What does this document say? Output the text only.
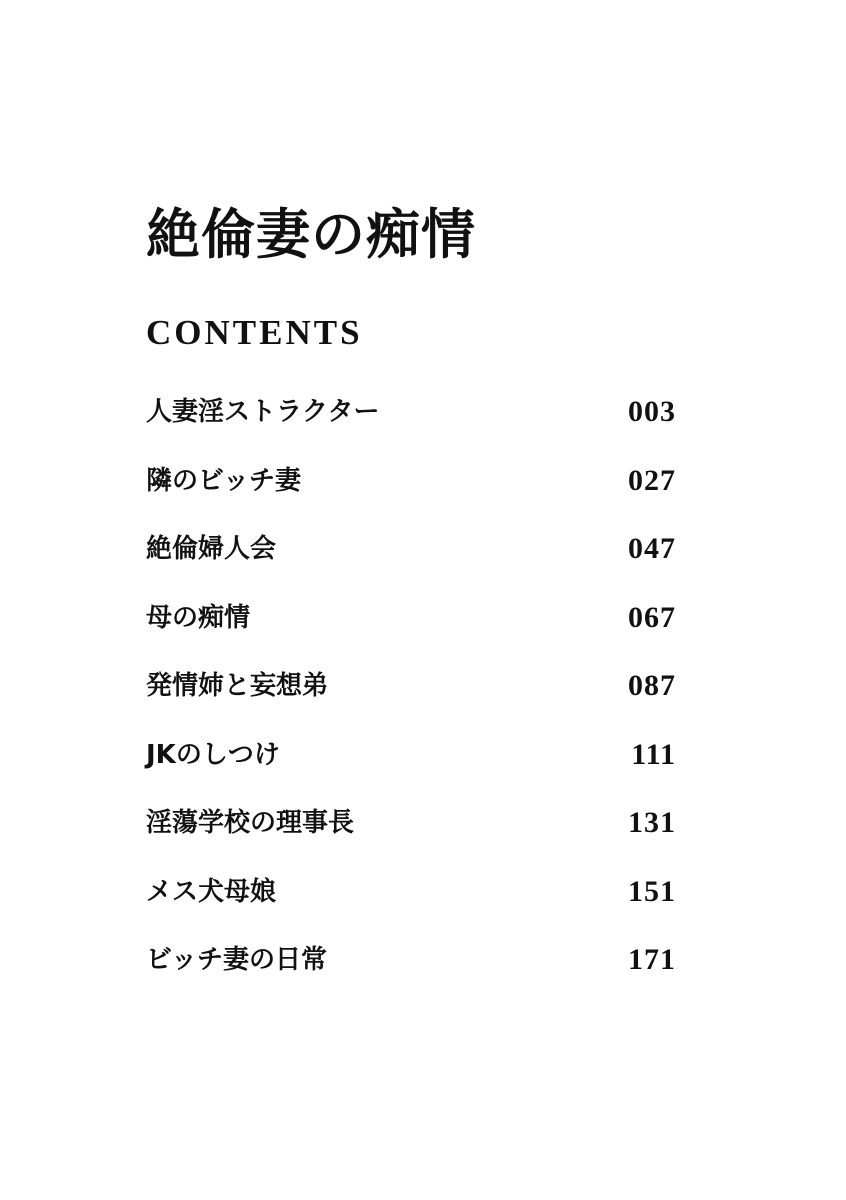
絶倫妻の痴情
CONTENTS
人妻淫ストラクター	003
隣のビッチ妻	027
絶倫婦人会	047
母の痴情	067
発情姉と妄想弟	087
JKのしつけ	111
淫蕩学校の理事長	131
メス犬母娘	151
ビッチ妻の日常	171
